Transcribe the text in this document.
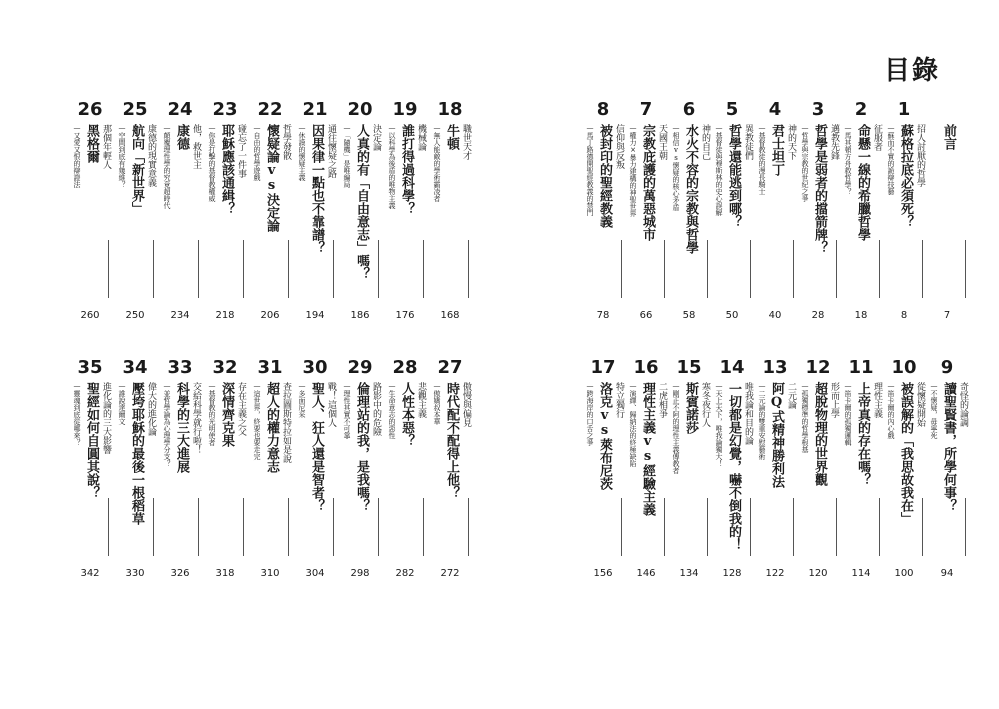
目錄
26
— 又愛又恨的辯證法 黑格爾 那個年輕人
260
25
— 空間到底有幾維？ 航向「新世界」 康德的現實意義
250
24
— 顛覆理性學的究竟超時代 康德 他，救世主
234
23
— 你是打擊的基督教權威 耶穌應該通緝？ 碰忘了一件事
218
22
— 自由的哲學遊戲 懷疑論vs決定論 哲學發散
206
21
— 休謨的懷疑主義 因果律一點也不靠譜？ 通往懷疑之路
194
20
— 「隨機」是唯編局 人真的有「自由意志」嗎？ 決定論
186
19
— 以科學為後盾的唯物主義 誰打得過科學？ 機械論
176
18
— 無人能敵的學術霸凌者 牛頓 職世天才
168
8
— 馬丁路德開聖經教義的禁門 被封印的聖經教義 信仰與反叛
78
7
— 權力×暴力建構的神聖世界 宗教庇護的萬惡城市 天國王朝
66
6
— 相信vs懷疑的核心矛盾 水火不容的宗教與哲學 神的自己
58
5
— 基督徒與穆斯林的史心誤解 哲學還能逃到哪？ 異教徒們
50
4
— 基督教徒的漫長騎士 君士坦丁 神的天下
40
3
— 哲學與宗教的世紀之爭 哲學是弱者的擋箭牌？ 邁教先鋒
28
2
— 馬其頓方舟救哲學？ 命懸一線的希臘哲學 征服者
18
1
— 蘇而不實的詭辯技藝 蘇格拉底必須死？ 招人討厭的哲學
8
前言
7
35
— 靈魂到底從哪來？ 聖經如何自圓其說？ 進化論的三大影響
342
34
— 誰說達爾文 壓垮耶穌的最後一根稻草 偉大的進化論
330
33
— 並哲學論為心理學分支？ 科學的三大進展 交給科學就行啦！
326
32
— 基督教的光明使者 深情齊克果 存在主義之父
318
31
— 這世界，終要也要走完 超人的權力意志 查拉圖斯特拉如是說
310
30
— 多面尼采 聖人、狂人還是智者？ 戰！這個人
304
29
— 理性其實不可靠 倫理站的我，是我嗎？ 路影中的危險
298
28
— 生命意志的惡性 人性本惡？ 悲觀主義
282
27
— 傲嬌叔本華 時代配不配得上他？ 傲慢與偏見
272
17
— 跨海岸的口舌之爭 洛克vs萊布尼茨 特立獨行
156
16
— 演繹、歸納法的終極缺陷 理性主義vs經驗主義 二虎相爭
146
15
— 剛正不阿的理性主義傳教者 斯賓諾莎 寒冬夜行人
134
14
— 天上天下，唯我論獨大！ 一切都是幻覺，嚇不倒我的！ 唯我論和目的論
128
13
— 二元論的雙重安慰藝術 阿Q式精神勝利法 二元論
122
12
— 孤獨標準的哲學根基 超脫物理的世界觀 形而上學
120
11
— 笛卡爾的孤獨邏輯 上帝真的存在嗎？ 理性主義
114
10
— 笛卡爾的內心戲 被誤解的「我思故我在」 從懷疑開始
100
9
— 不懷疑，毋寧死 讀聖賢書，所學何事？ 奇怪的論調
94
